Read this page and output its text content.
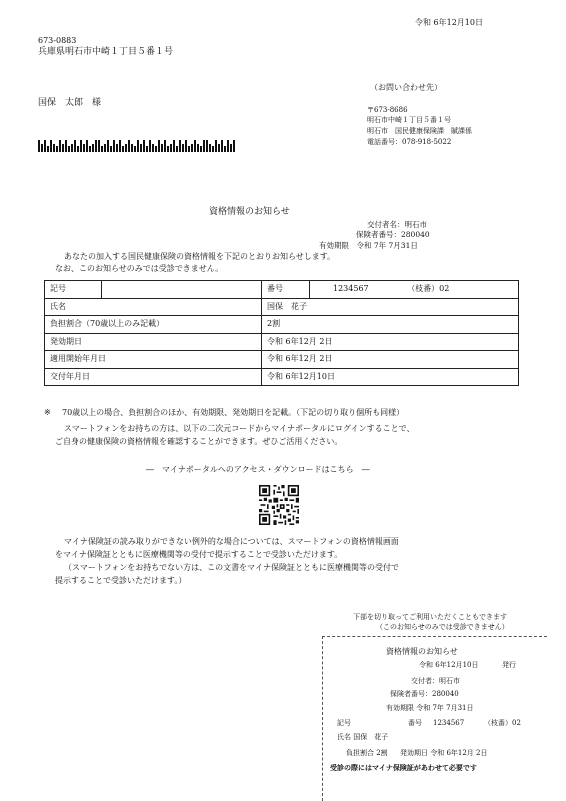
令和 6年12月10日
673-0883
兵庫県明石市中崎１丁目５番１号
国保　太郎　様
（お問い合わせ先）
〒673-8686
明石市中崎１丁目５番１号
明石市　国民健康保険課　賦課係
電話番号：078-918-5022
資格情報のお知らせ
交付者名：明石市
保険者番号：280040
有効期限　令和 7年 7月31日
あなたの加入する国民健康保険の資格情報を下記のとおりお知らせします。
なお、このお知らせのみでは受診できません。
記号		番号	1234567 （枝番）02
氏名		国保　花子	
負担割合（70歳以上のみ記載）		2割	
発効期日		令和 6年12月 2日	
適用開始年月日		令和 6年12月 2日	
交付年月日		令和 6年12月10日	
※ 70歳以上の場合、負担割合のほか、有効期限、発効期日を記載。（下記の切り取り個所も同様）
スマートフォンをお持ちの方は、以下の二次元コードからマイナポータルにログインすることで、
ご自身の健康保険の資格情報を確認することができます。ぜひご活用ください。
―　マイナポータルへのアクセス・ダウンロードはこちら　―
マイナ保険証の読み取りができない例外的な場合については、スマートフォンの資格情報画面
をマイナ保険証とともに医療機関等の受付で提示することで受診いただけます。
（スマートフォンをお持ちでない方は、この文書をマイナ保険証とともに医療機関等の受付で
提示することで受診いただけます。）
下部を切り取ってご利用いただくこともできます
（このお知らせのみでは受診できません）
資格情報のお知らせ
令和 6年12月10日	発行
交付者：明石市
保険者番号：280040
有効期限 令和 7年 7月31日
記号	番号 1234567	（枝番）02
氏名 国保　花子
負担割合 2割 発効期日 令和 6年12月 2日
受診の際にはマイナ保険証があわせて必要です
